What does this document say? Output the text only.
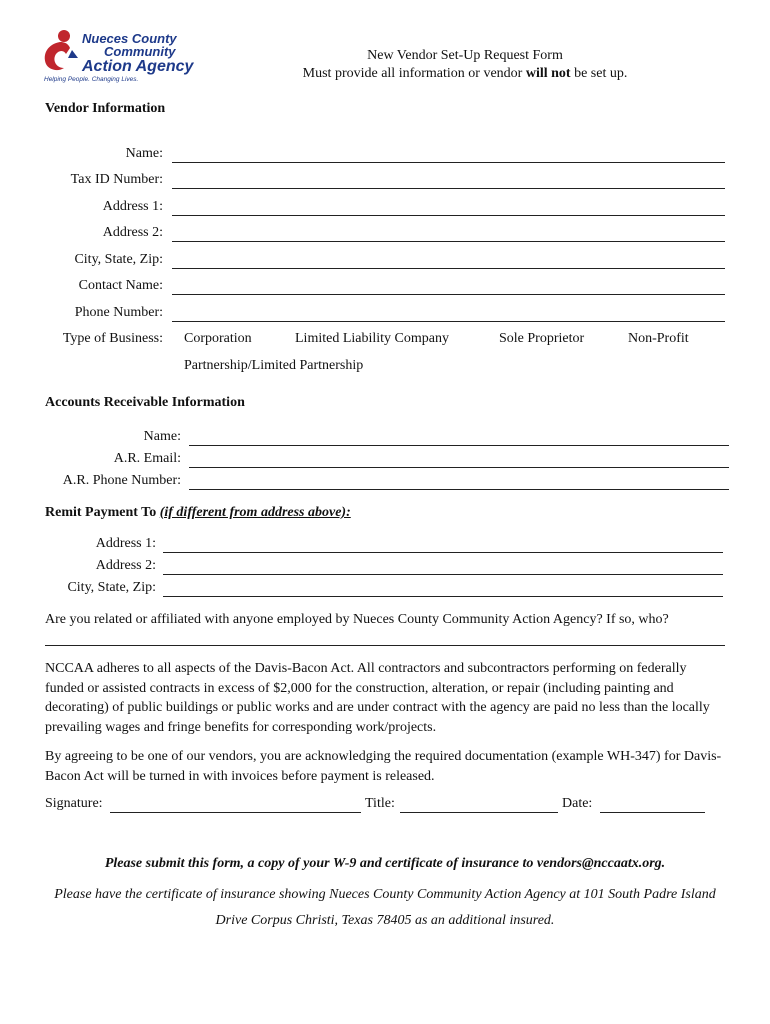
Nueces County
Community
Action Agency
Helping People. Changing Lives.
New Vendor Set-Up Request Form
Must provide all information or vendor will not be set up.
Vendor Information
Name:
Tax ID Number:
Address 1:
Address 2:
City, State, Zip:
Contact Name:
Phone Number:
Type of Business: Corporation	Limited Liability Company	Sole Proprietor	Non-Profit
Partnership/Limited Partnership
Accounts Receivable Information
Name:
A.R. Email:
A.R. Phone Number:
Remit Payment To (if different from address above):
Address 1:
Address 2:
City, State, Zip:
Are you related or affiliated with anyone employed by Nueces County Community Action Agency? If so, who?
NCCAA adheres to all aspects of the Davis-Bacon Act. All contractors and subcontractors performing on federally funded or assisted contracts in excess of $2,000 for the construction, alteration, or repair (including painting and decorating) of public buildings or public works and are under contract with the agency are paid no less than the locally prevailing wages and fringe benefits for corresponding work/projects.
By agreeing to be one of our vendors, you are acknowledging the required documentation (example WH-347) for Davis-Bacon Act will be turned in with invoices before payment is released.
Signature:	Title:	Date:
Please submit this form, a copy of your W-9 and certificate of insurance to vendors@nccaatx.org.
Please have the certificate of insurance showing Nueces County Community Action Agency at 101 South Padre Island Drive Corpus Christi, Texas 78405 as an additional insured.
